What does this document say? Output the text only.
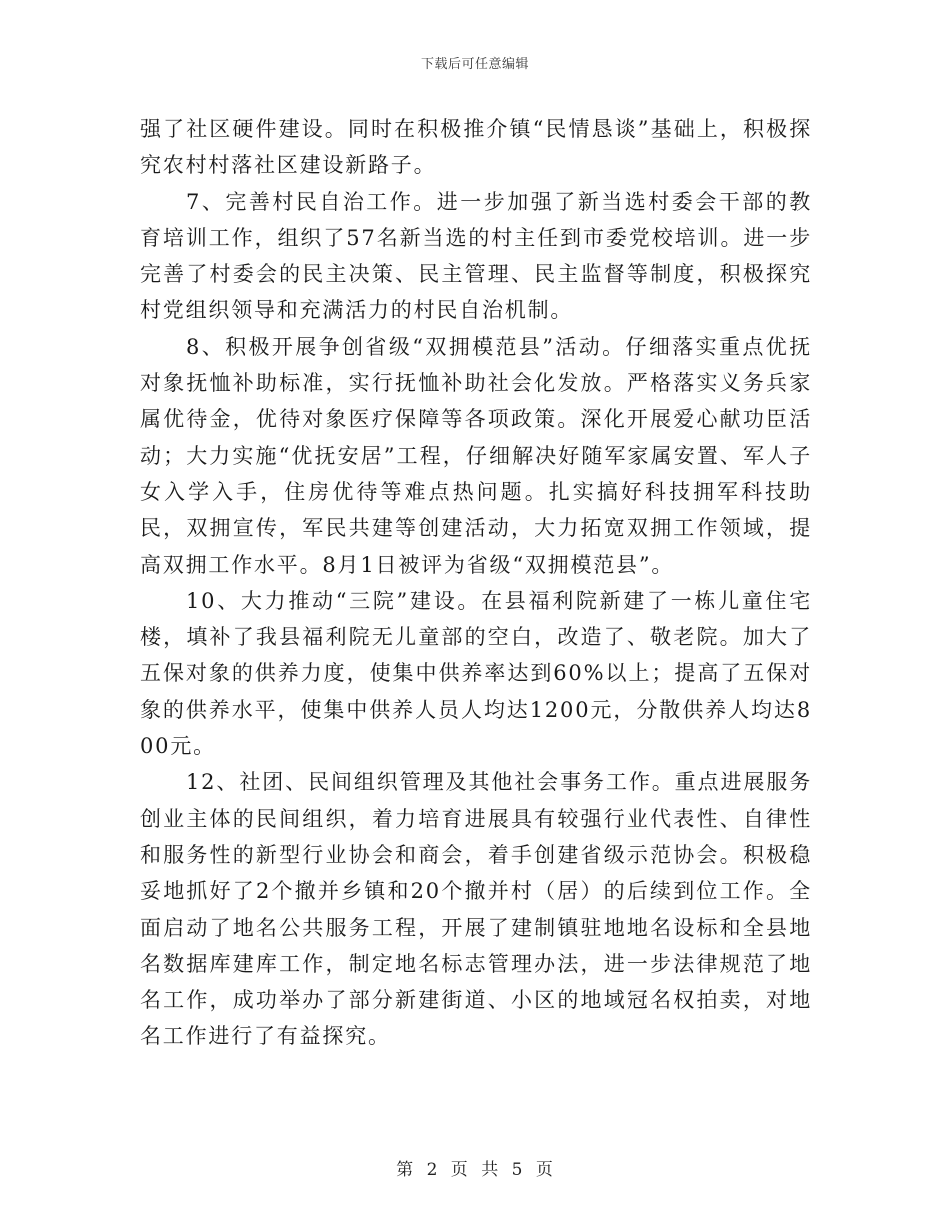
下载后可任意编辑

强了社区硬件建设。同时在积极推介镇“民情恳谈”基础上，积极探究农村村落社区建设新路子。

7、完善村民自治工作。进一步加强了新当选村委会干部的教育培训工作，组织了57名新当选的村主任到市委党校培训。进一步完善了村委会的民主决策、民主管理、民主监督等制度，积极探究村党组织领导和充满活力的村民自治机制。

8、积极开展争创省级“双拥模范县”活动。仔细落实重点优抚对象抚恤补助标准，实行抚恤补助社会化发放。严格落实义务兵家属优待金，优待对象医疗保障等各项政策。深化开展爱心献功臣活动；大力实施“优抚安居”工程，仔细解决好随军家属安置、军人子女入学入手，住房优待等难点热问题。扎实搞好科技拥军科技助民，双拥宣传，军民共建等创建活动，大力拓宽双拥工作领域，提高双拥工作水平。8月1日被评为省级“双拥模范县”。

10、大力推动“三院”建设。在县福利院新建了一栋儿童住宅楼，填补了我县福利院无儿童部的空白，改造了、敬老院。加大了五保对象的供养力度，使集中供养率达到60%以上；提高了五保对象的供养水平，使集中供养人员人均达1200元，分散供养人均达800元。

12、社团、民间组织管理及其他社会事务工作。重点进展服务创业主体的民间组织，着力培育进展具有较强行业代表性、自律性和服务性的新型行业协会和商会，着手创建省级示范协会。积极稳妥地抓好了2个撤并乡镇和20个撤并村（居）的后续到位工作。全面启动了地名公共服务工程，开展了建制镇驻地地名设标和全县地名数据库建库工作，制定地名标志管理办法，进一步法律规范了地名工作，成功举办了部分新建街道、小区的地域冠名权拍卖，对地名工作进行了有益探究。

第 2 页 共 5 页
